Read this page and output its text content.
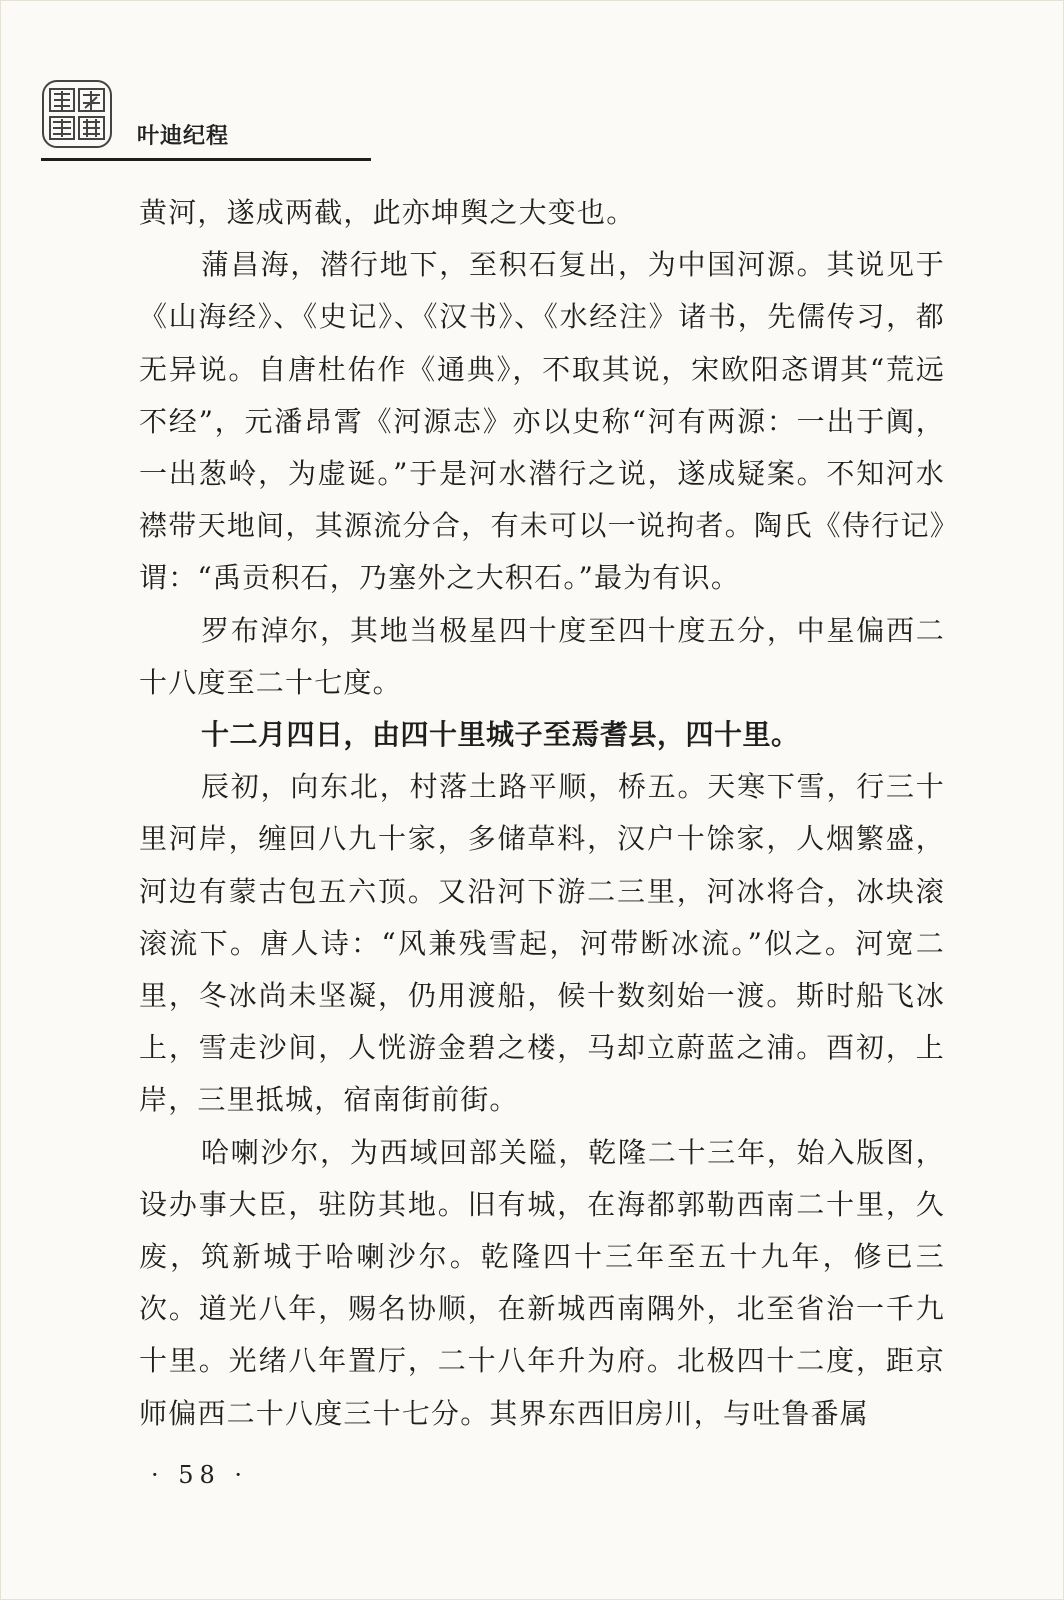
叶迪纪程

黄河，遂成两截，此亦坤舆之大变也。

蒲昌海，潜行地下，至积石复出，为中国河源。其说见于《山海经》、《史记》、《汉书》、《水经注》诸书，先儒传习，都无异说。自唐杜佑作《通典》，不取其说，宋欧阳忞谓其“荒远不经”，元潘昂霄《河源志》亦以史称“河有两源：一出于阗，一出葱岭，为虚诞。”于是河水潜行之说，遂成疑案。不知河水襟带天地间，其源流分合，有未可以一说拘者。陶氏《侍行记》谓：“禹贡积石，乃塞外之大积石。”最为有识。

罗布淖尔，其地当极星四十度至四十度五分，中星偏西二十八度至二十七度。

十二月四日，由四十里城子至焉耆县，四十里。

辰初，向东北，村落土路平顺，桥五。天寒下雪，行三十里河岸，缠回八九十家，多储草料，汉户十馀家，人烟繁盛，河边有蒙古包五六顶。又沿河下游二三里，河冰将合，冰块滚滚流下。唐人诗：“风兼残雪起，河带断冰流。”似之。河宽二里，冬冰尚未坚凝，仍用渡船，候十数刻始一渡。斯时船飞冰上，雪走沙间，人恍游金碧之楼，马却立蔚蓝之浦。酉初，上岸，三里抵城，宿南街前街。

哈喇沙尔，为西域回部关隘，乾隆二十三年，始入版图，设办事大臣，驻防其地。旧有城，在海都郭勒西南二十里，久废，筑新城于哈喇沙尔。乾隆四十三年至五十九年，修已三次。道光八年，赐名协顺，在新城西南隅外，北至省治一千九十里。光绪八年置厅，二十八年升为府。北极四十二度，距京师偏西二十八度三十七分。其界东西旧房川，与吐鲁番属

· 58 ·
